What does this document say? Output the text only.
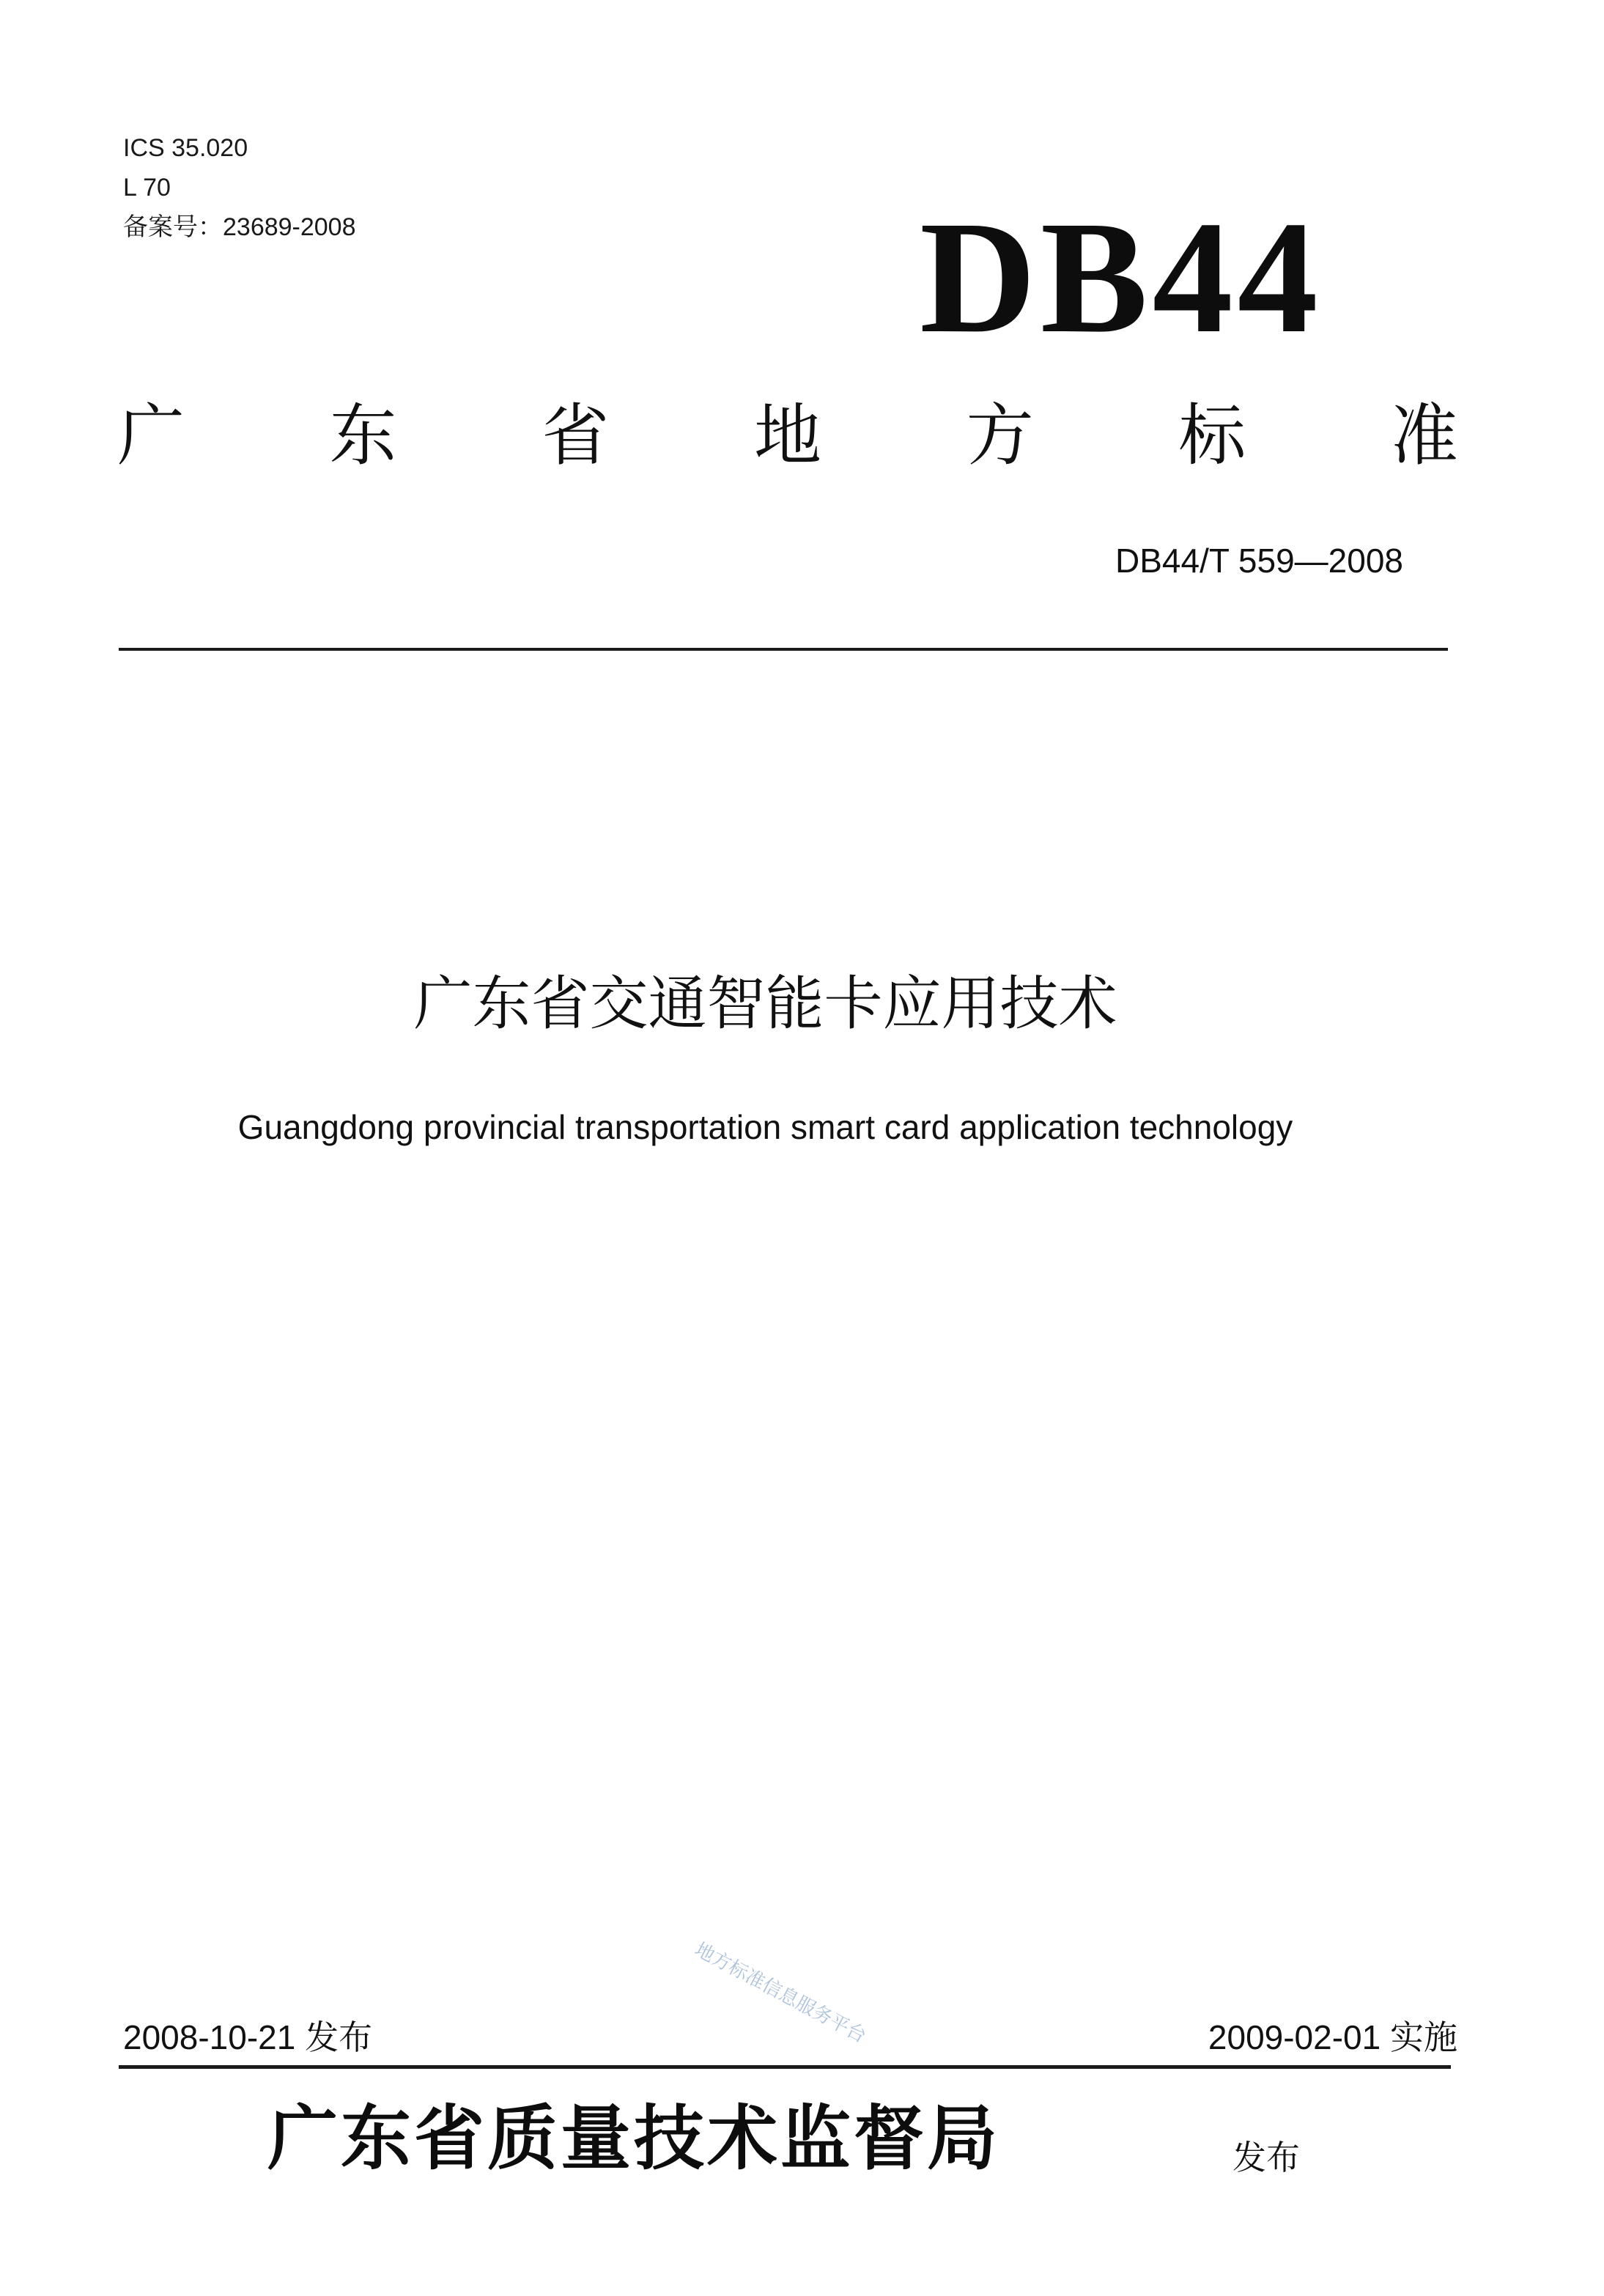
ICS 35.020
L 70
备案号：23689-2008	DB44
广 东 省 地 方 标 准
DB44/T 559—2008
广东省交通智能卡应用技术
Guangdong provincial transportation smart card application technology
地方标准信息服务平台
2008-10-21 发布	2009-02-01 实施
广东省质量技术监督局	发布
